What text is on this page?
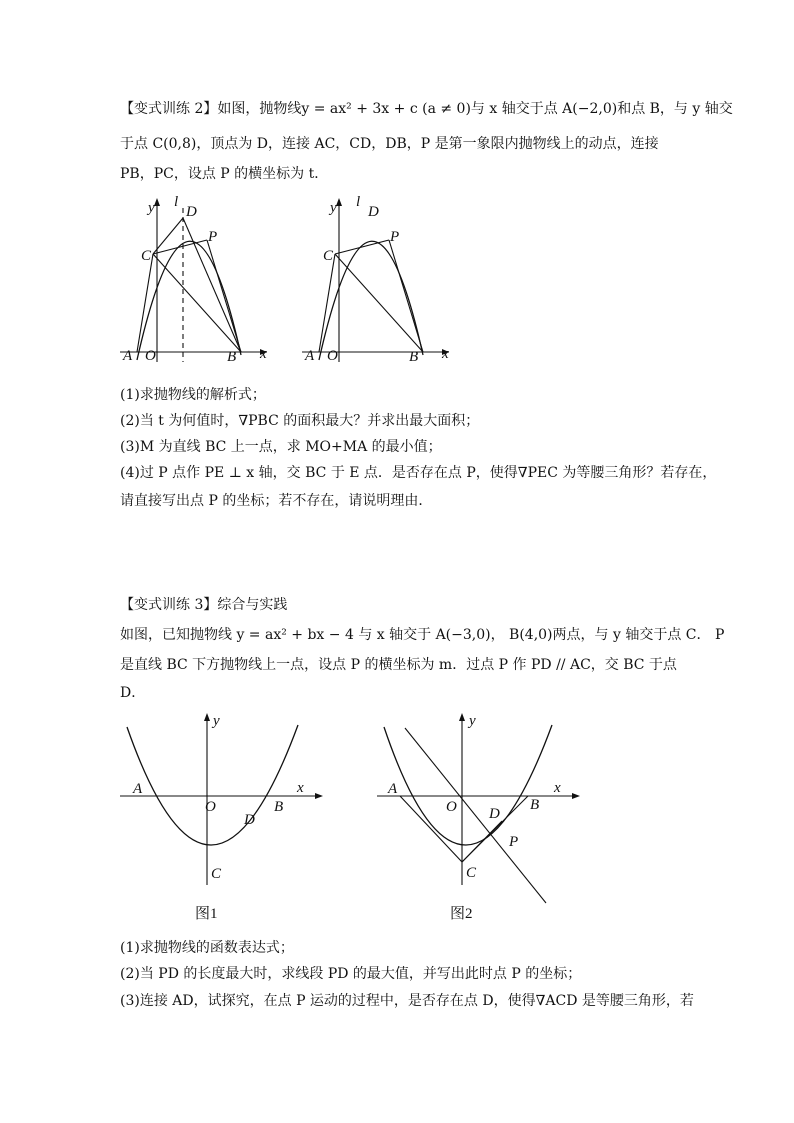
【变式训练 2】如图，抛物线y = ax² + 3x + c (a ≠ 0)与 x 轴交于点 A(−2,0)和点 B，与 y 轴交
于点 C(0,8)，顶点为 D，连接 AC，CD，DB，P 是第一象限内抛物线上的动点，连接
PB，PC，设点 P 的横坐标为 t．
y l
D
P
C
A O	B x
y l
D
P
C
A O	B x
(1)求抛物线的解析式；
(2)当 t 为何值时，∇PBC 的面积最大？并求出最大面积；
(3)M 为直线 BC 上一点，求 MO+MA 的最小值；
(4)过 P 点作 PE ⊥ x 轴，交 BC 于 E 点．是否存在点 P，使得∇PEC 为等腰三角形？若存在，
请直接写出点 P 的坐标；若不存在，请说明理由．
【变式训练 3】综合与实践
如图，已知抛物线 y = ax² + bx − 4 与 x 轴交于 A(−3,0)， B(4,0)两点，与 y 轴交于点 C． P
是直线 BC 下方抛物线上一点，设点 P 的横坐标为 m．过点 P 作 PD // AC，交 BC 于点
D．
y
x
A
O	B
D
C
图1
y
x
A
O D
B
P
C
图2
(1)求抛物线的函数表达式；
(2)当 PD 的长度最大时，求线段 PD 的最大值，并写出此时点 P 的坐标；
(3)连接 AD，试探究，在点 P 运动的过程中，是否存在点 D，使得∇ACD 是等腰三角形，若
